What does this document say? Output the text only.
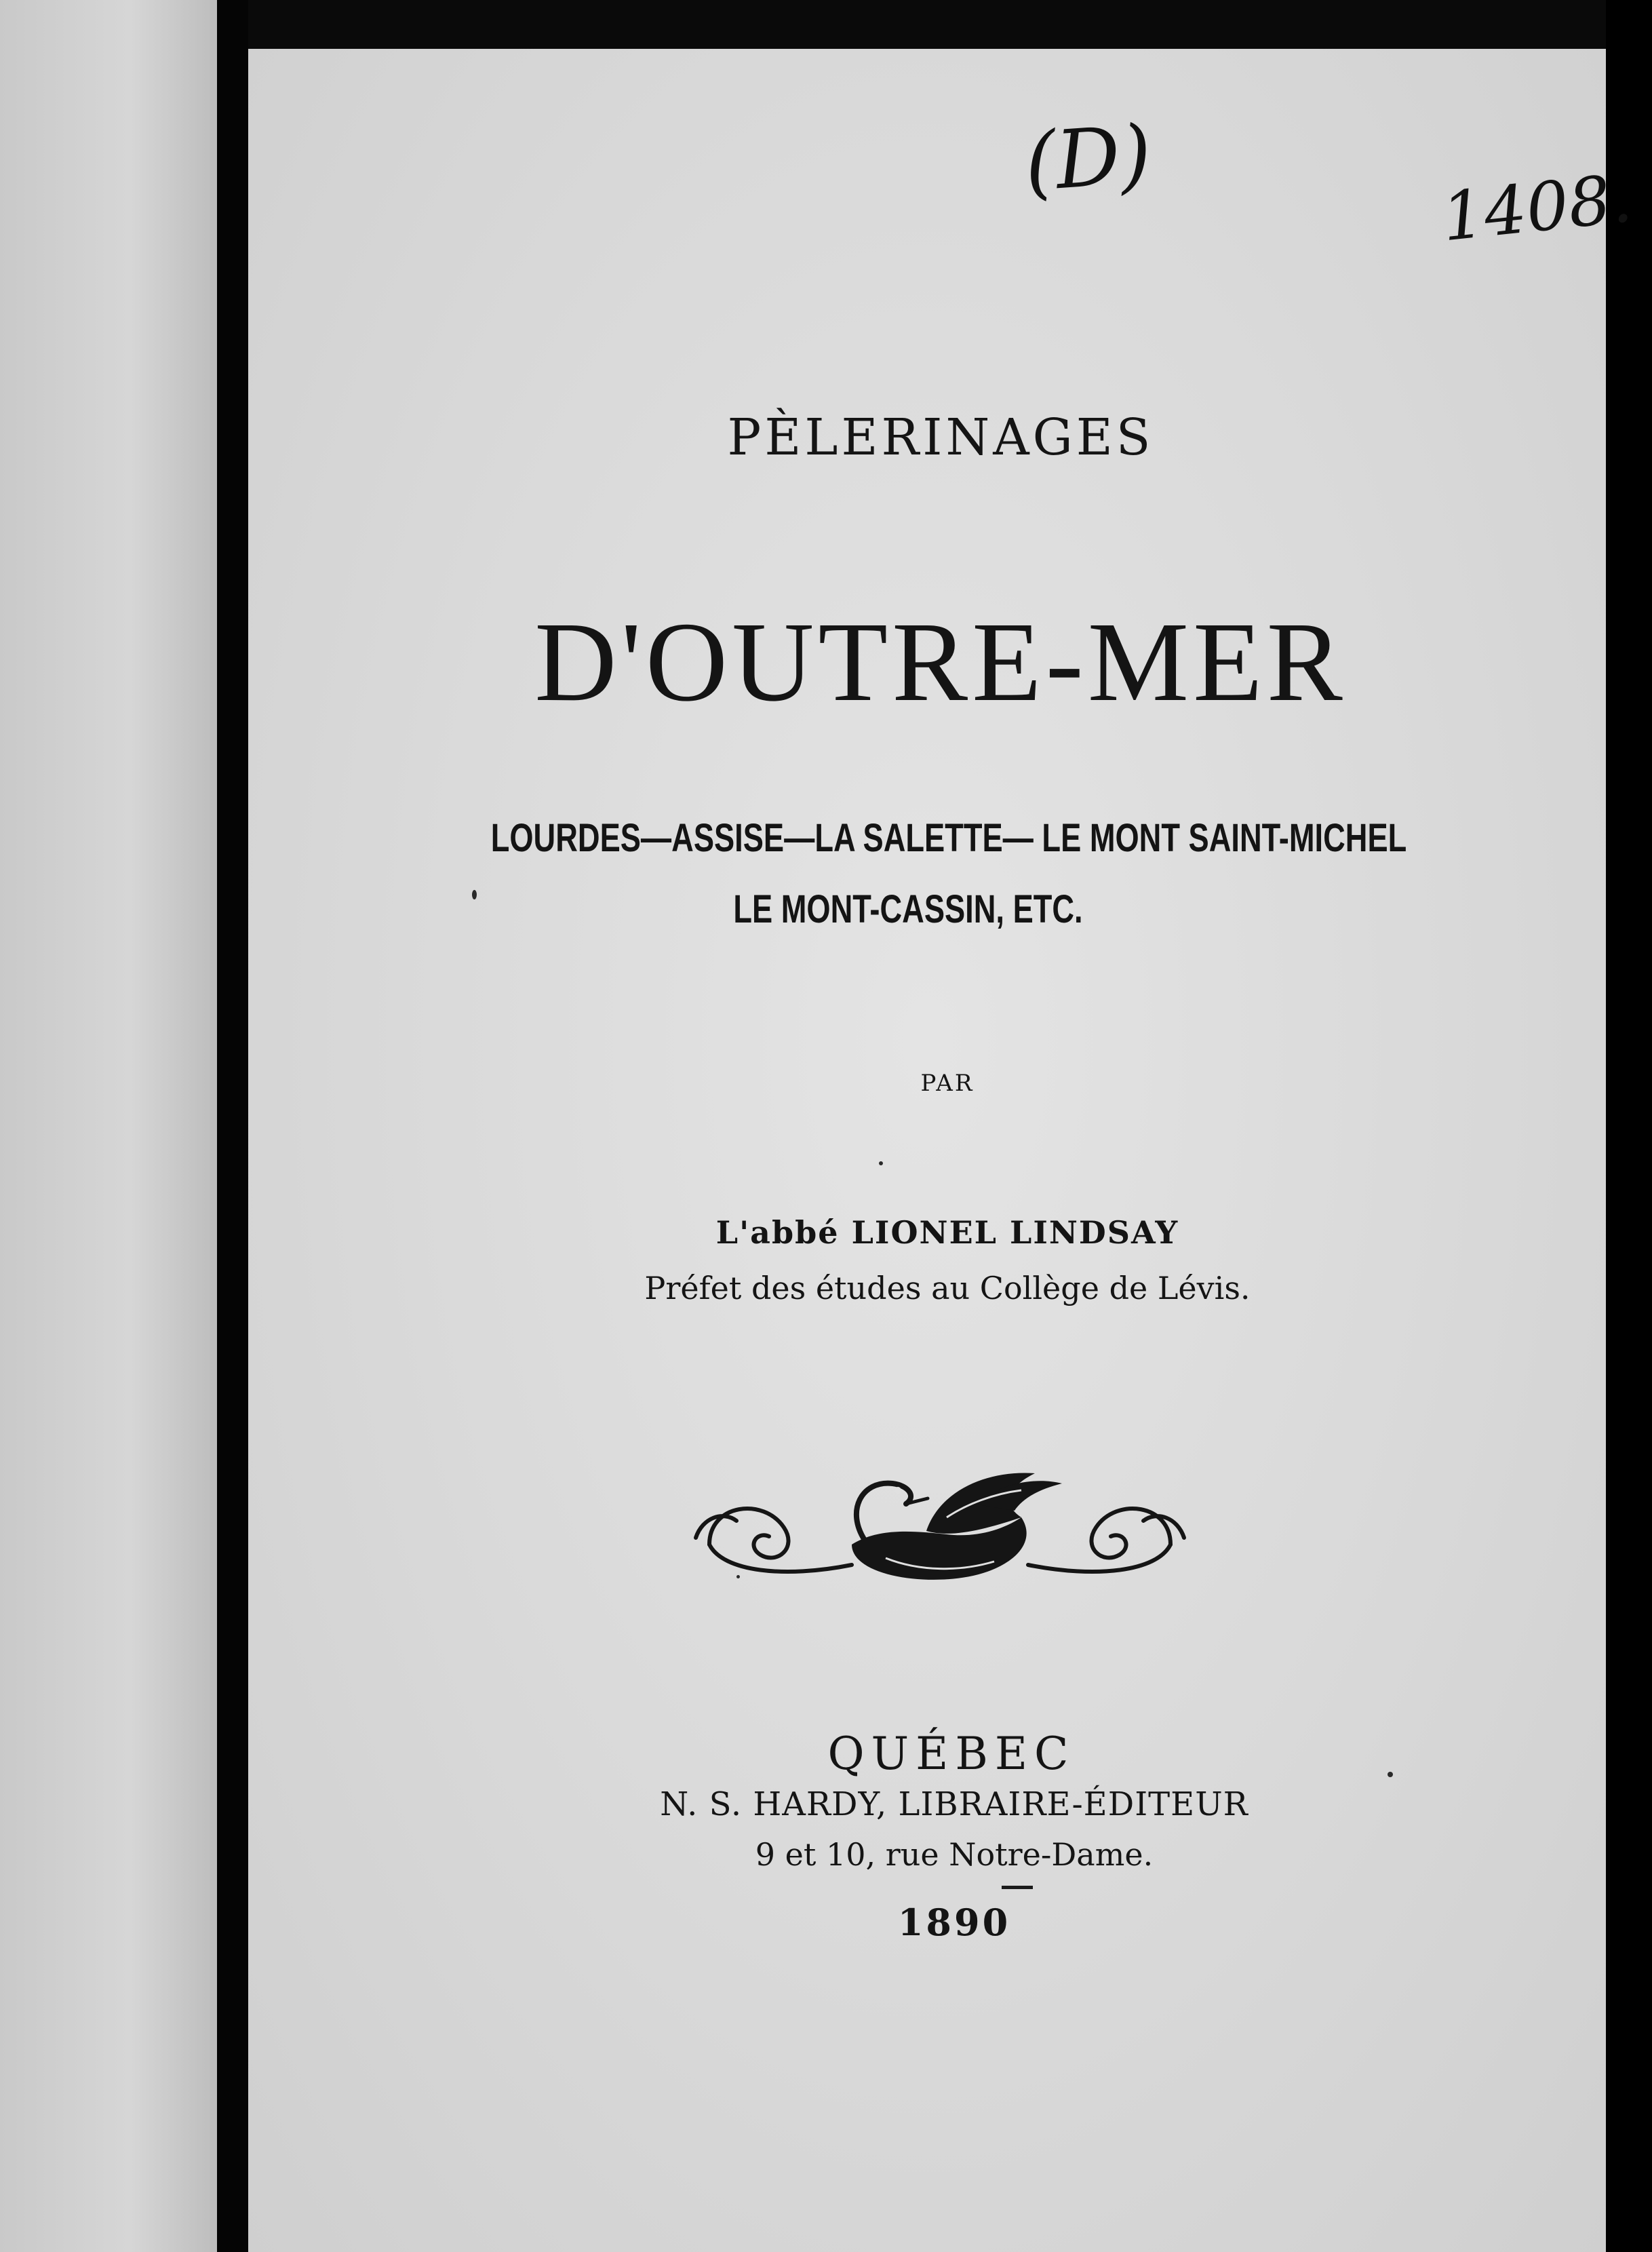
(D)	1408.
PÈLERINAGES
D'OUTRE-MER
LOURDES—ASSISE—LA SALETTE— LE MONT SAINT-MICHEL
LE MONT-CASSIN, ETC.
PAR
L'abbé LIONEL LINDSAY
Préfet des études au Collège de Lévis.
QUÉBEC
N. S. HARDY, LIBRAIRE-ÉDITEUR
9 et 10, rue Notre-Dame.
1890
